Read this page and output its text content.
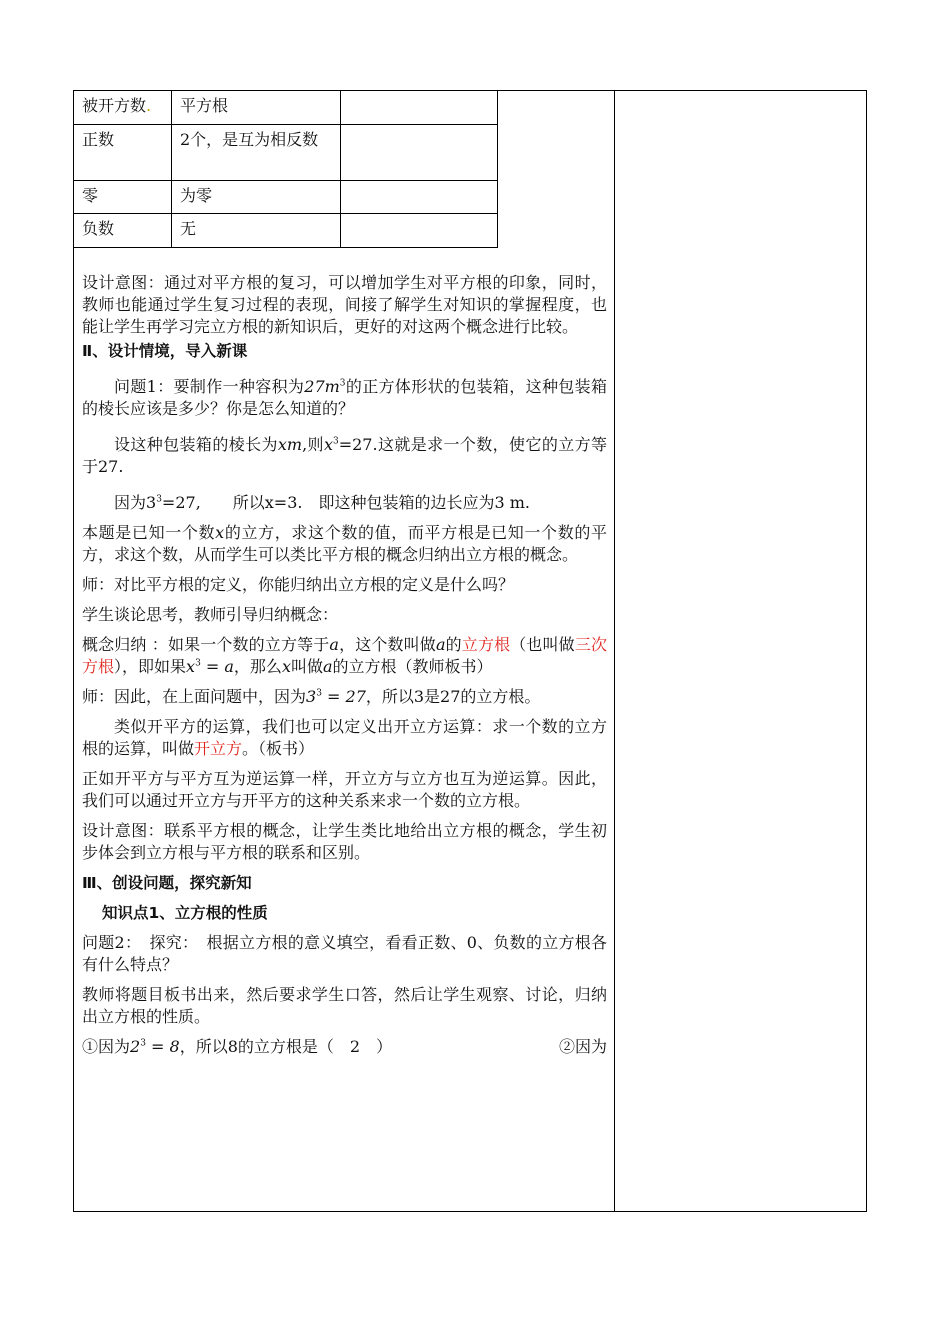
被开方数.	平方根	
正数	2个，是互为相反数	
零	为零	
负数	无	

设计意图：通过对平方根的复习，可以增加学生对平方根的印象，同时，教师也能通过学生复习过程的表现，间接了解学生对知识的掌握程度，也能让学生再学习完立方根的新知识后，更好的对这两个概念进行比较。

Ⅱ、设计情境，导入新课

问题1：要制作一种容积为$27m^3$的正方体形状的包装箱，这种包装箱的棱长应该是多少？你是怎么知道的？

设这种包装箱的棱长为xm,则$x^3=27$.这就是求一个数，使它的立方等于27.

因为$3^3=27$,　　所以x=3.　即这种包装箱的边长应为3 m.

本题是已知一个数x的立方，求这个数的值，而平方根是已知一个数的平方，求这个数，从而学生可以类比平方根的概念归纳出立方根的概念。

师：对比平方根的定义，你能归纳出立方根的定义是什么吗？

学生谈论思考，教师引导归纳概念：

概念归纳 ：如果一个数的立方等于a，这个数叫做a的立方根（也叫做三次方根），即如果$x^3 = a$，那么x叫做a的立方根（教师板书）

师：因此，在上面问题中，因为$3^3 = 27$，所以3是27的立方根。

类似开平方的运算，我们也可以定义出开立方运算：求一个数的立方根的运算，叫做开立方。（板书）

正如开平方与平方互为逆运算一样，开立方与立方也互为逆运算。因此，我们可以通过开立方与开平方的这种关系来求一个数的立方根。

设计意图：联系平方根的概念，让学生类比地给出立方根的概念，学生初步体会到立方根与平方根的联系和区别。

Ⅲ、创设问题，探究新知

知识点1、立方根的性质

问题2：　探究：　根据立方根的意义填空，看看正数、0、负数的立方根各有什么特点？

教师将题目板书出来，然后要求学生口答，然后让学生观察、讨论，归纳出立方根的性质。

①因为$2^3 = 8$，所以8的立方根是（　2　）	②因为
